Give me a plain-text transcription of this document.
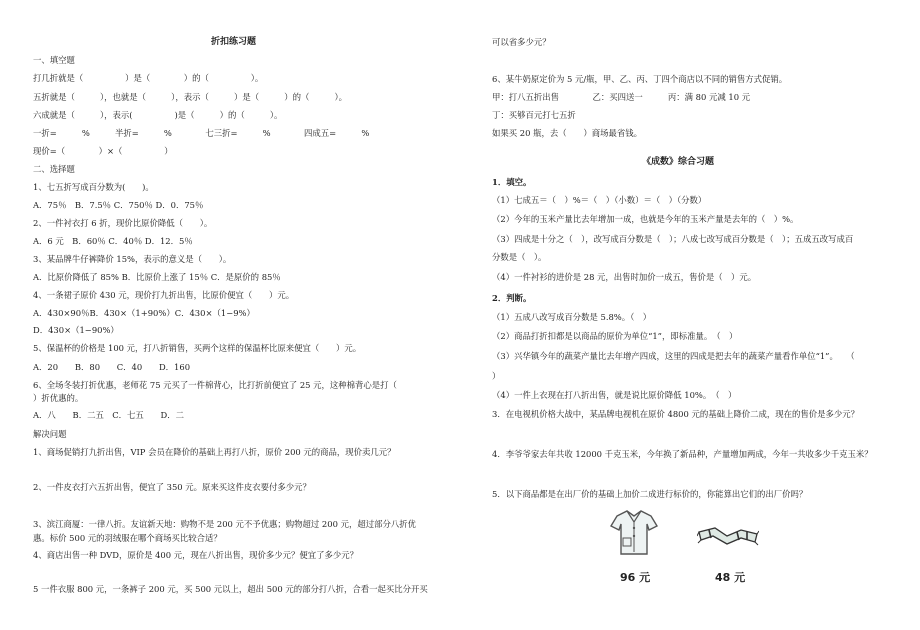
折扣练习题
一、填空题
打几折就是（　　　　　）是（　　　　）的（　　　　　）。
五折就是（　　　），也就是（　　　），表示（　　　）是（　　　）的（　　　）。
六成就是（　　　），表示(　　　　　)是（　　　）的（　　　）。
一折=　　　%　　　半折=　　　%　　　　七三折=　　　%　　　　四成五=　　　%
现价=（　　　　）×（　　　　　）
二、选择题
1、七五折写成百分数为(　　)。
A．75％　B．7.5％ C．750％ D．0．75％
2、一件衬衣打 6 折，现价比原价降低（　　）。
A．6 元　B．60％ C．40％ D．12．5％
3、某品牌牛仔裤降价 15%，表示的意义是（　　）。
A．比原价降低了 85% B．比原价上涨了 15％ C．是原价的 85％
4、一条裙子原价 430 元，现价打九折出售，比原价便宜（　　）元。
A．430×90％B．430×（1+90%）C．430×（1−9%）
D．430×（1−90%）
5、保温杯的价格是 100 元，打八折销售，买两个这样的保温杯比原来便宜（　　）元。
A．20　　B．80　　C．40　　D．160
6、全场冬装打折优惠，老师花 75 元买了一件棉背心，比打折前便宜了 25 元，这种棉背心是打（
）折优惠的。
A．八　　B．二五　C．七五　　D．二
解决问题
1、商场促销打九折出售，VIP 会员在降价的基础上再打八折，原价 200 元的商品，现价卖几元？
2、一件皮衣打六五折出售，便宜了 350 元。原来买这件皮衣要付多少元？
3、滨江商厦：一律八折。友谊新天地：购物不是 200 元不予优惠；购物超过 200 元，超过部分八折优惠。标价 500 元的羽绒服在哪个商场买比较合适？
4、商店出售一种 DVD，原价是 400 元，现在八折出售，现价多少元？便宜了多少元？
5 一件衣服 800 元，一条裤子 200 元，买 500 元以上，超出 500 元的部分打八折，合看一起买比分开买
可以省多少元？
6、某牛奶原定价为 5 元/瓶，甲、乙、丙、丁四个商店以不同的销售方式促销。
甲：打八五折出售　　　　乙：买四送一　　　丙：满 80 元减 10 元
丁：买够百元打七五折
如果买 20 瓶，去（　　）商场最省钱。
《成数》综合习题
1．填空。
（1）七成五＝（　）%＝（　）（小数）＝（　）（分数）
（2）今年的玉米产量比去年增加一成，也就是今年的玉米产量是去年的（　）%。
（3）四成是十分之（　），改写成百分数是（　）；八成七改写成百分数是（　）；五成五改写成百
分数是（　）。
（4）一件衬衫的进价是 28 元，出售时加价一成五，售价是（　）元。
2．判断。
（1）五成八改写成百分数是 5.8%。（　）
（2）商品打折扣都是以商品的原价为单位“1”，即标准量。　（　）
（3）兴华镇今年的蔬菜产量比去年增产四成，这里的四成是把去年的蔬菜产量看作单位“1”。　　（
）
（4）一件上衣现在打八折出售，就是说比原价降低 10%。　（　）
3．在电视机价格大战中，某品牌电视机在原价 4800 元的基础上降价二成，现在的售价是多少元？
4．李爷爷家去年共收 12000 千克玉米，今年换了新品种，产量增加两成，今年一共收多少千克玉米？
5．以下商品都是在出厂价的基础上加价二成进行标价的，你能算出它们的出厂价吗？
96 元	48 元
